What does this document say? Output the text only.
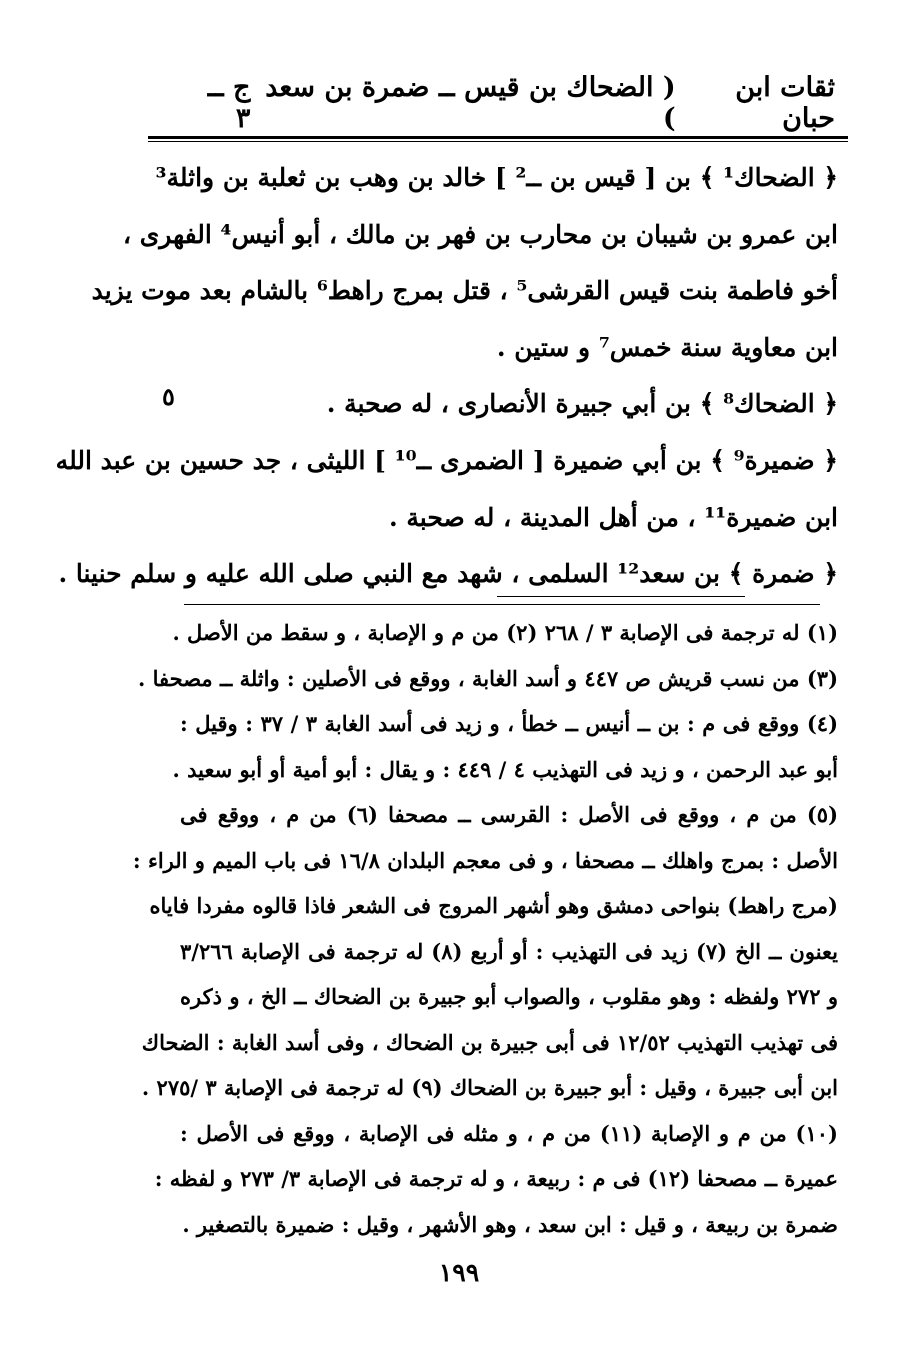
ثقات ابن حبان
( الضحاك بن قيس ــ ضمرة بن سعد )
ج ــ ٣
﴿ الضحاك¹ ﴾ بن [ قيس بن ــ² ] خالد بن وهب بن ثعلبة بن واثلة³
ابن عمرو بن شيبان بن محارب بن فهر بن مالك ، أبو أنيس⁴ الفهرى ،
أخو فاطمة بنت قيس القرشى⁵ ، قتل بمرج راهط⁶ بالشام بعد موت يزيد
ابن معاوية سنة خمس⁷ و ستين .
﴿ الضحاك⁸ ﴾ بن أبي جبيرة الأنصارى ، له صحبة .
﴿ ضميرة⁹ ﴾ بن أبي ضميرة [ الضمرى ــ¹⁰ ] الليثى ، جد حسين بن عبد الله
ابن ضميرة¹¹ ، من أهل المدينة ، له صحبة .
﴿ ضمرة ﴾ بن سعد¹² السلمى ، شهد مع النبي صلى الله عليه و سلم حنينا .
٥
(١) له ترجمة فى الإصابة ٣ / ٢٦٨ (٢) من م و الإصابة ، و سقط من الأصل .
(٣) من نسب قريش ص ٤٤٧ و أسد الغابة ، ووقع فى الأصلين : واثلة ــ مصحفا .
(٤) ووقع فى م : بن ــ أنيس ــ خطأ ، و زيد فى أسد الغابة ٣ / ٣٧ : وقيل :
أبو عبد الرحمن ، و زيد فى التهذيب ٤ / ٤٤٩ : و يقال : أبو أمية أو أبو سعيد .
(٥) من م ، ووقع فى الأصل : القرسى ــ مصحفا (٦) من م ، ووقع فى
الأصل : بمرج واهلك ــ مصحفا ، و فى معجم البلدان ١٦/٨ فى باب الميم و الراء :
(مرج راهط) بنواحى دمشق وهو أشهر المروج فى الشعر فاذا قالوه مفردا فاياه
يعنون ــ الخ (٧) زيد فى التهذيب : أو أربع (٨) له ترجمة فى الإصابة ٣/٢٦٦
و ٢٧٢ ولفظه : وهو مقلوب ، والصواب أبو جبيرة بن الضحاك ــ الخ ، و ذكره
فى تهذيب التهذيب ١٢/٥٢ فى أبى جبيرة بن الضحاك ، وفى أسد الغابة : الضحاك
ابن أبى جبيرة ، وقيل : أبو جبيرة بن الضحاك (٩) له ترجمة فى الإصابة ٣ /٢٧٥ .
(١٠) من م و الإصابة (١١) من م ، و مثله فى الإصابة ، ووقع فى الأصل :
عميرة ــ مصحفا (١٢) فى م : ربيعة ، و له ترجمة فى الإصابة ٣/ ٢٧٣ و لفظه :
ضمرة بن ربيعة ، و قيل : ابن سعد ، وهو الأشهر ، وقيل : ضميرة بالتصغير .
١٩٩
